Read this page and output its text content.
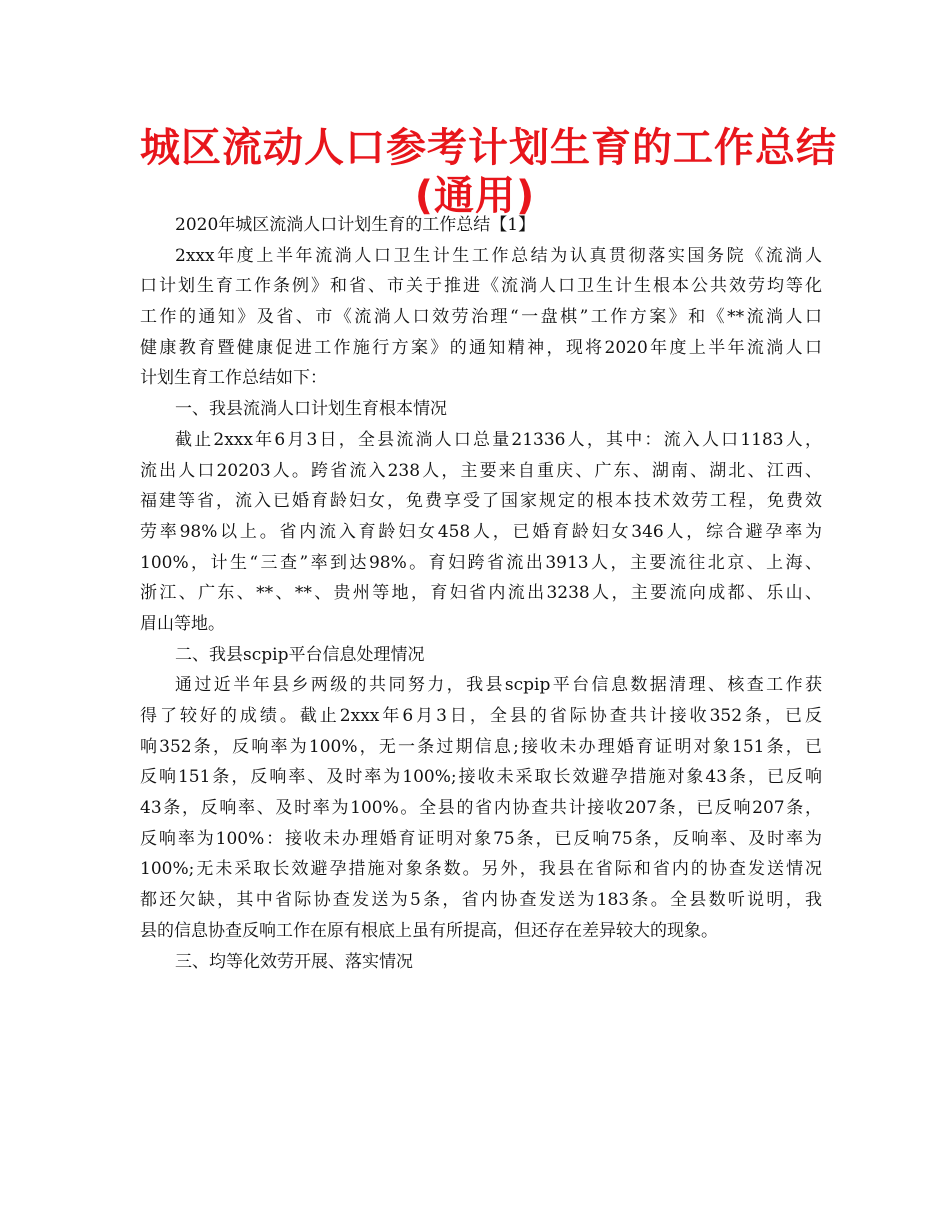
城区流动人口参考计划生育的工作总结
(通用)
2020年城区流淌人口计划生育的工作总结【1】
2xxx年度上半年流淌人口卫生计生工作总结为认真贯彻落实国务院《流淌人
口计划生育工作条例》和省、市关于推进《流淌人口卫生计生根本公共效劳均等化
工作的通知》及省、市《流淌人口效劳治理“一盘棋”工作方案》和《**流淌人口
健康教育暨健康促进工作施行方案》的通知精神，现将2020年度上半年流淌人口
计划生育工作总结如下：
一、我县流淌人口计划生育根本情况
截止2xxx年6月3日，全县流淌人口总量21336人，其中：流入人口1183人，
流出人口20203人。跨省流入238人，主要来自重庆、广东、湖南、湖北、江西、
福建等省，流入已婚育龄妇女，免费享受了国家规定的根本技术效劳工程，免费效
劳率98%以上。省内流入育龄妇女458人，已婚育龄妇女346人，综合避孕率为
100%，计生“三查”率到达98%。育妇跨省流出3913人，主要流往北京、上海、
浙江、广东、**、**、贵州等地，育妇省内流出3238人，主要流向成都、乐山、
眉山等地。
二、我县scpip平台信息处理情况
通过近半年县乡两级的共同努力，我县scpip平台信息数据清理、核查工作获
得了较好的成绩。截止2xxx年6月3日，全县的省际协查共计接收352条，已反
响352条，反响率为100%，无一条过期信息;接收未办理婚育证明对象151条，已
反响151条，反响率、及时率为100%;接收未采取长效避孕措施对象43条，已反响
43条，反响率、及时率为100%。全县的省内协查共计接收207条，已反响207条，
反响率为100%：接收未办理婚育证明对象75条，已反响75条，反响率、及时率为
100%;无未采取长效避孕措施对象条数。另外，我县在省际和省内的协查发送情况
都还欠缺，其中省际协查发送为5条，省内协查发送为183条。全县数听说明，我
县的信息协查反响工作在原有根底上虽有所提高，但还存在差异较大的现象。
三、均等化效劳开展、落实情况
